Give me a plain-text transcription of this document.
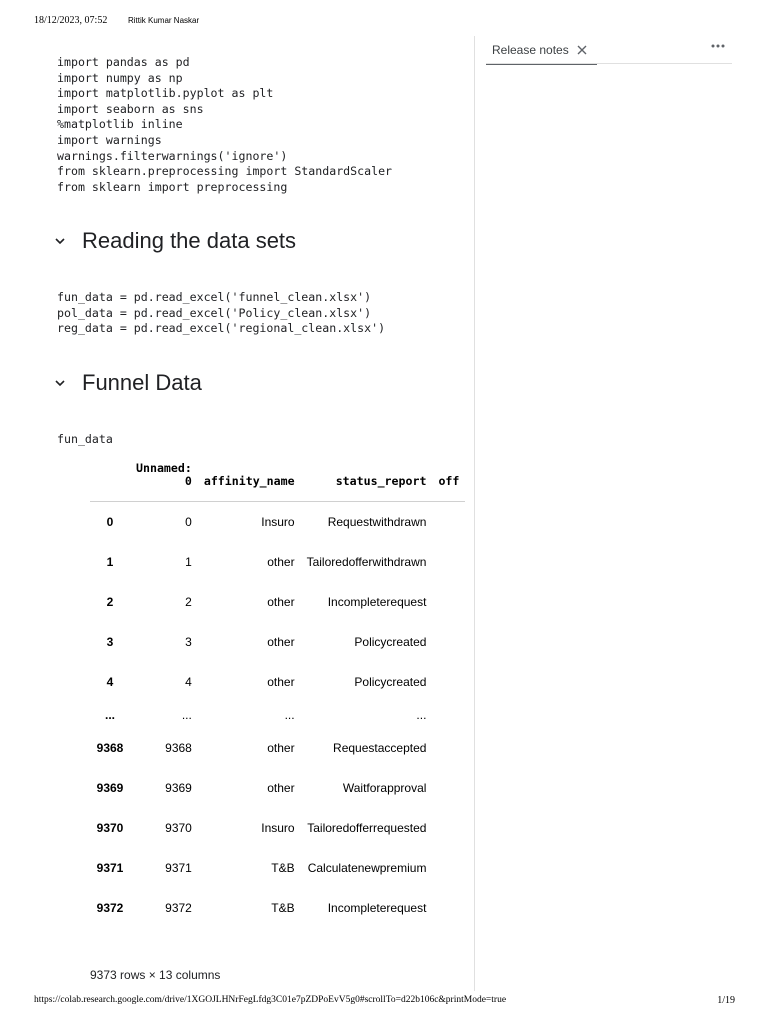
18/12/2023, 07:52	Rittik Kumar Naskar
import pandas as pd
import numpy as np
import matplotlib.pyplot as plt
import seaborn as sns
%matplotlib inline
import warnings
warnings.filterwarnings('ignore')
from sklearn.preprocessing import StandardScaler
from sklearn import preprocessing
Reading the data sets
fun_data = pd.read_excel('funnel_clean.xlsx')
pol_data = pd.read_excel('Policy_clean.xlsx')
reg_data = pd.read_excel('regional_clean.xlsx')
Funnel Data
fun_data
	Unnamed: 0	affinity_name	status_report	off
0	0	Insuro	Requestwithdrawn	
1	1	other	Tailoredofferwithdrawn	
2	2	other	Incompleterequest	
3	3	other	Policycreated	
4	4	other	Policycreated	
...	...	...	...	
9368	9368	other	Requestaccepted	
9369	9369	other	Waitforapproval	
9370	9370	Insuro	Tailoredofferrequested	
9371	9371	T&B	Calculatenewpremium	
9372	9372	T&B	Incompleterequest	
9373 rows × 13 columns
Release notes
https://colab.research.google.com/drive/1XGOJLHNrFegLfdg3C01e7pZDPoEvV5g0#scrollTo=d22b106c&printMode=true	1/19
